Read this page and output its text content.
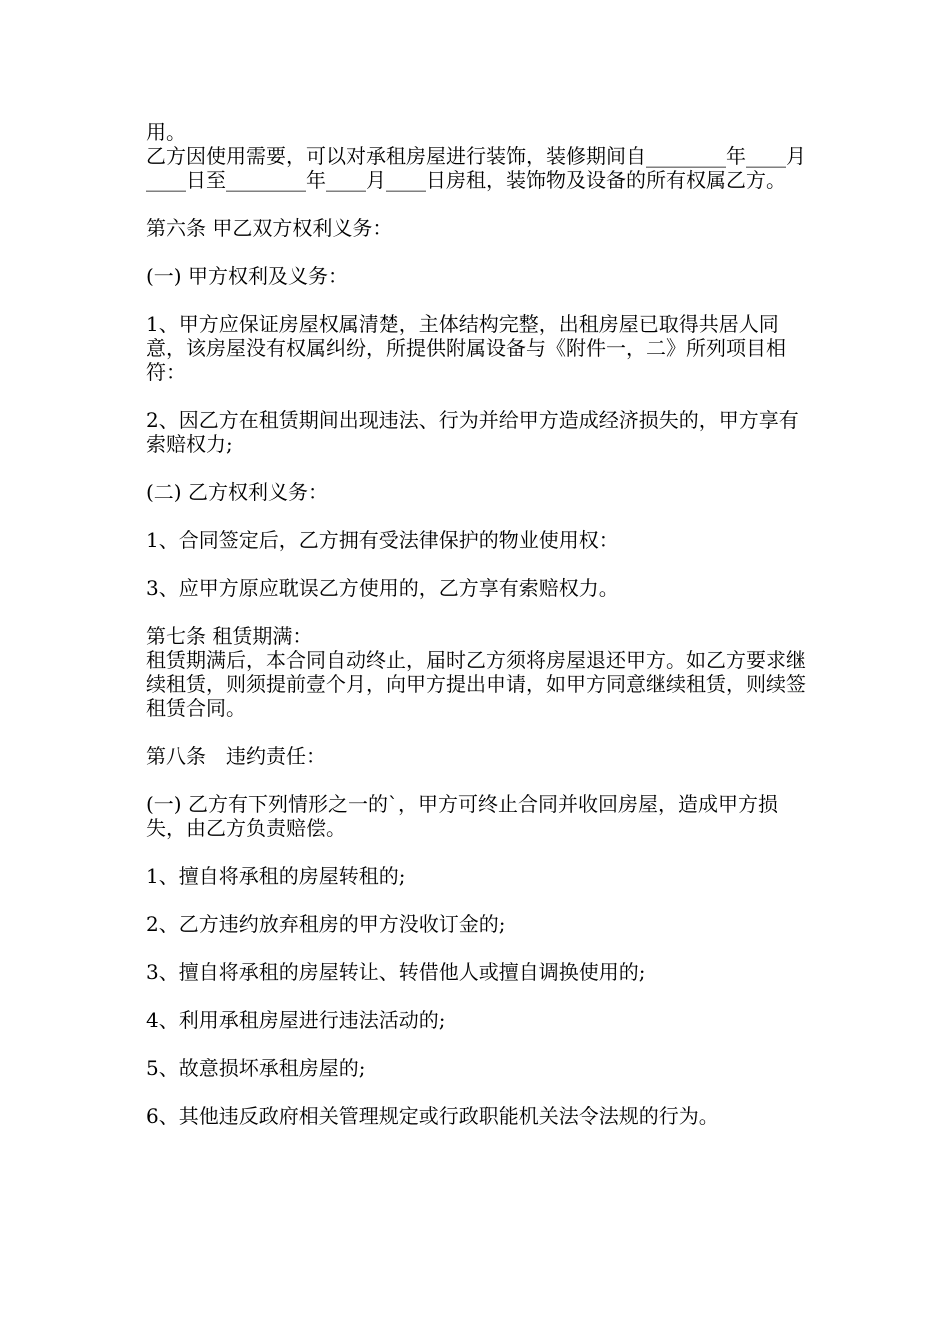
用。
乙方因使用需要，可以对承租房屋进行装饰，装修期间自________年____月____日至________年____月____日房租，装饰物及设备的所有权属乙方。
第六条 甲乙双方权利义务：
(一) 甲方权利及义务：
1、甲方应保证房屋权属清楚，主体结构完整，出租房屋已取得共居人同意，该房屋没有权属纠纷，所提供附属设备与《附件一，二》所列项目相符：
2、因乙方在租赁期间出现违法、行为并给甲方造成经济损失的，甲方享有索赔权力;
(二) 乙方权利义务：
1、合同签定后，乙方拥有受法律保护的物业使用权：
3、应甲方原应耽误乙方使用的，乙方享有索赔权力。
第七条 租赁期满：
租赁期满后，本合同自动终止，届时乙方须将房屋退还甲方。如乙方要求继续租赁，则须提前壹个月，向甲方提出申请，如甲方同意继续租赁，则续签租赁合同。
第八条　违约责任：
(一) 乙方有下列情形之一的`，甲方可终止合同并收回房屋，造成甲方损失，由乙方负责赔偿。
1、擅自将承租的房屋转租的;
2、乙方违约放弃租房的甲方没收订金的;
3、擅自将承租的房屋转让、转借他人或擅自调换使用的;
4、利用承租房屋进行违法活动的;
5、故意损坏承租房屋的;
6、其他违反政府相关管理规定或行政职能机关法令法规的行为。
